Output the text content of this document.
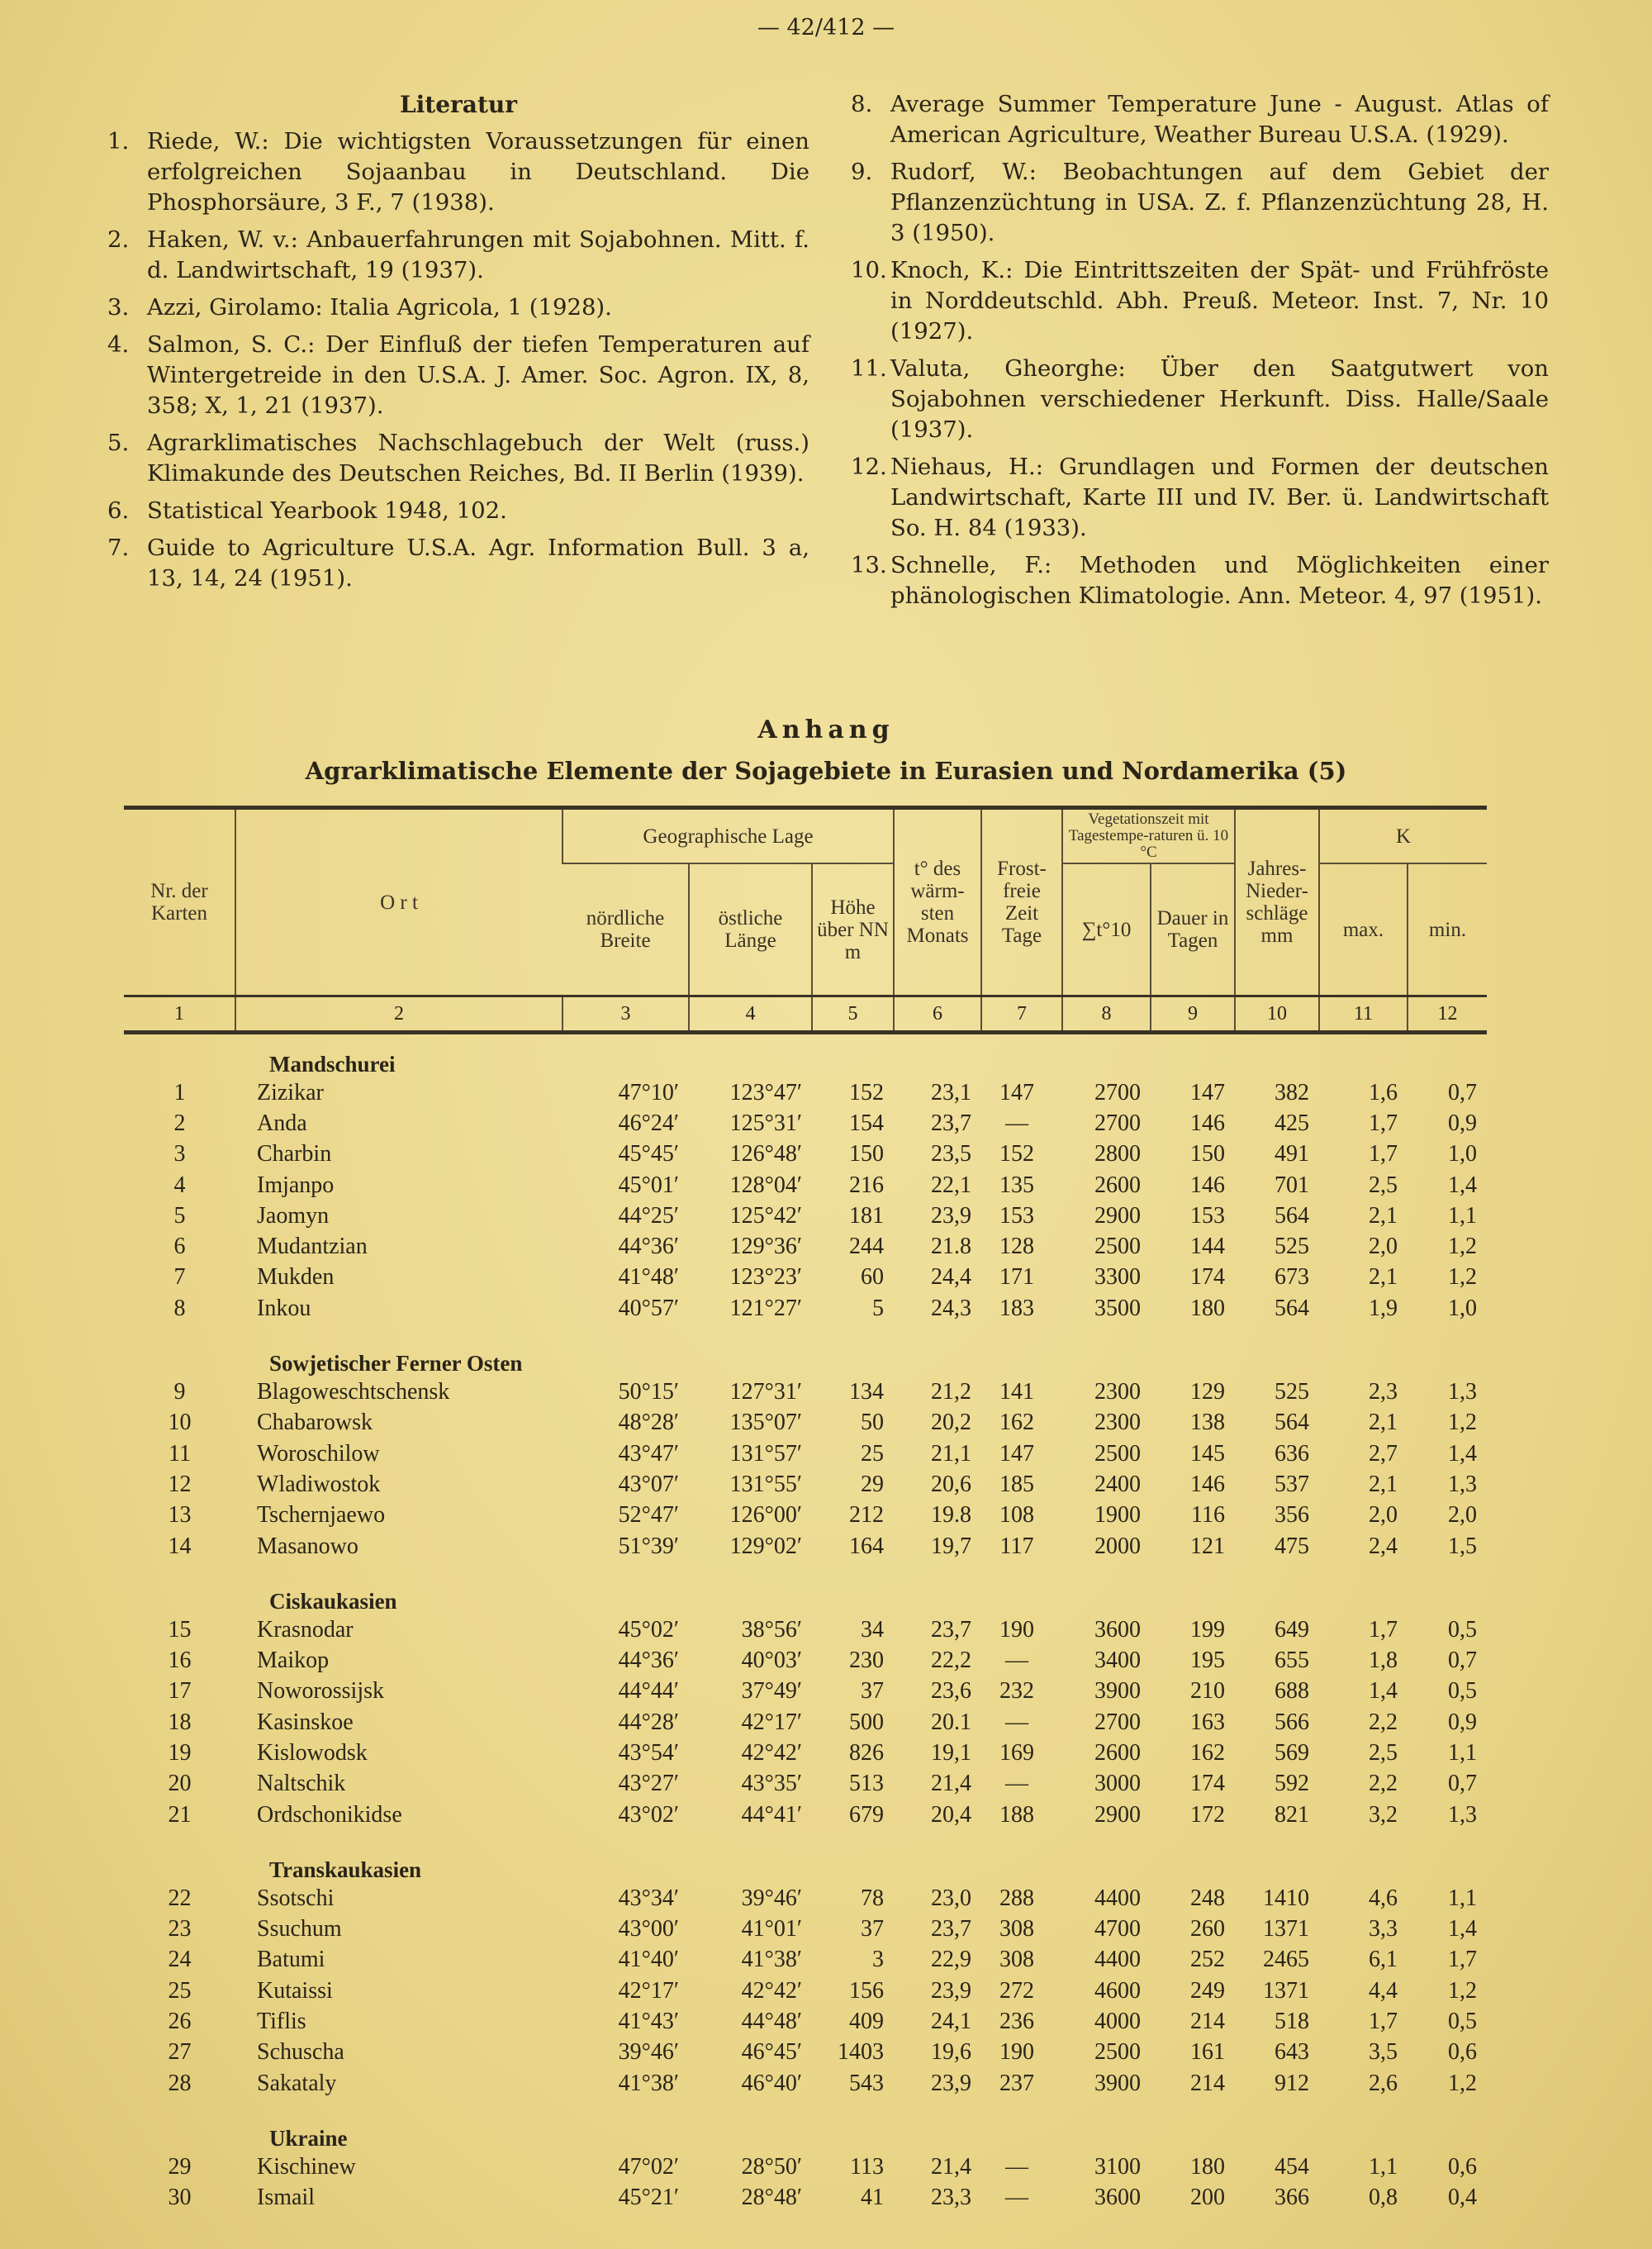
— 42/412 —
Literatur
1. Riede, W.: Die wichtigsten Voraussetzungen für einen erfolgreichen Sojaanbau in Deutschland. Die Phosphorsäure, 3 F., 7 (1938).
2. Haken, W. v.: Anbauerfahrungen mit Sojabohnen. Mitt. f. d. Landwirtschaft, 19 (1937).
3. Azzi, Girolamo: Italia Agricola, 1 (1928).
4. Salmon, S. C.: Der Einfluß der tiefen Temperaturen auf Wintergetreide in den U.S.A. J. Amer. Soc. Agron. IX, 8, 358; X, 1, 21 (1937).
5. Agrarklimatisches Nachschlagebuch der Welt (russ.) Klimakunde des Deutschen Reiches, Bd. II Berlin (1939).
6. Statistical Yearbook 1948, 102.
7. Guide to Agriculture U.S.A. Agr. Information Bull. 3 a, 13, 14, 24 (1951).
8. Average Summer Temperature June - August. Atlas of American Agriculture, Weather Bureau U.S.A. (1929).
9. Rudorf, W.: Beobachtungen auf dem Gebiet der Pflanzenzüchtung in USA. Z. f. Pflanzenzüchtung 28, H. 3 (1950).
10. Knoch, K.: Die Eintrittszeiten der Spät- und Frühfröste in Norddeutschld. Abh. Preuß. Meteor. Inst. 7, Nr. 10 (1927).
11. Valuta, Gheorghe: Über den Saatgutwert von Sojabohnen verschiedener Herkunft. Diss. Halle/Saale (1937).
12. Niehaus, H.: Grundlagen und Formen der deutschen Landwirtschaft, Karte III und IV. Ber. ü. Landwirtschaft So. H. 84 (1933).
13. Schnelle, F.: Methoden und Möglichkeiten einer phänologischen Klimatologie. Ann. Meteor. 4, 97 (1951).
Anhang
Agrarklimatische Elemente der Sojagebiete in Eurasien und Nordamerika (5)
Nr. der Karten	O r t	Geographische Lage			t° des wärm-sten Monats	Frost-freie Zeit Tage	Vegetationszeit mit Tagestempe-raturen ü. 10 °C		Jahres-Nieder-schläge mm	K	
		nördliche Breite	östliche Länge	Höhe über NN m			∑t°10	Dauer in Tagen		max.	min.
1	2	3	4	5	6	7	8	9	10	11	12
Mandschurei											
1	Zizikar	47°10′	123°47′	152	23,1	147	2700	147	382	1,6	0,7
2	Anda	46°24′	125°31′	154	23,7	—	2700	146	425	1,7	0,9
3	Charbin	45°45′	126°48′	150	23,5	152	2800	150	491	1,7	1,0
4	Imjanpo	45°01′	128°04′	216	22,1	135	2600	146	701	2,5	1,4
5	Jaomyn	44°25′	125°42′	181	23,9	153	2900	153	564	2,1	1,1
6	Mudantzian	44°36′	129°36′	244	21.8	128	2500	144	525	2,0	1,2
7	Mukden	41°48′	123°23′	60	24,4	171	3300	174	673	2,1	1,2
8	Inkou	40°57′	121°27′	5	24,3	183	3500	180	564	1,9	1,0

Sowjetischer Ferner Osten											
9	Blagoweschtschensk	50°15′	127°31′	134	21,2	141	2300	129	525	2,3	1,3
10	Chabarowsk	48°28′	135°07′	50	20,2	162	2300	138	564	2,1	1,2
11	Woroschilow	43°47′	131°57′	25	21,1	147	2500	145	636	2,7	1,4
12	Wladiwostok	43°07′	131°55′	29	20,6	185	2400	146	537	2,1	1,3
13	Tschernjaewo	52°47′	126°00′	212	19.8	108	1900	116	356	2,0	2,0
14	Masanowo	51°39′	129°02′	164	19,7	117	2000	121	475	2,4	1,5

Ciskaukasien											
15	Krasnodar	45°02′	38°56′	34	23,7	190	3600	199	649	1,7	0,5
16	Maikop	44°36′	40°03′	230	22,2	—	3400	195	655	1,8	0,7
17	Noworossijsk	44°44′	37°49′	37	23,6	232	3900	210	688	1,4	0,5
18	Kasinskoe	44°28′	42°17′	500	20.1	—	2700	163	566	2,2	0,9
19	Kislowodsk	43°54′	42°42′	826	19,1	169	2600	162	569	2,5	1,1
20	Naltschik	43°27′	43°35′	513	21,4	—	3000	174	592	2,2	0,7
21	Ordschonikidse	43°02′	44°41′	679	20,4	188	2900	172	821	3,2	1,3

Transkaukasien											
22	Ssotschi	43°34′	39°46′	78	23,0	288	4400	248	1410	4,6	1,1
23	Ssuchum	43°00′	41°01′	37	23,7	308	4700	260	1371	3,3	1,4
24	Batumi	41°40′	41°38′	3	22,9	308	4400	252	2465	6,1	1,7
25	Kutaissi	42°17′	42°42′	156	23,9	272	4600	249	1371	4,4	1,2
26	Tiflis	41°43′	44°48′	409	24,1	236	4000	214	518	1,7	0,5
27	Schuscha	39°46′	46°45′	1403	19,6	190	2500	161	643	3,5	0,6
28	Sakataly	41°38′	46°40′	543	23,9	237	3900	214	912	2,6	1,2

Ukraine											
29	Kischinew	47°02′	28°50′	113	21,4	—	3100	180	454	1,1	0,6
30	Ismail	45°21′	28°48′	41	23,3	—	3600	200	366	0,8	0,4
